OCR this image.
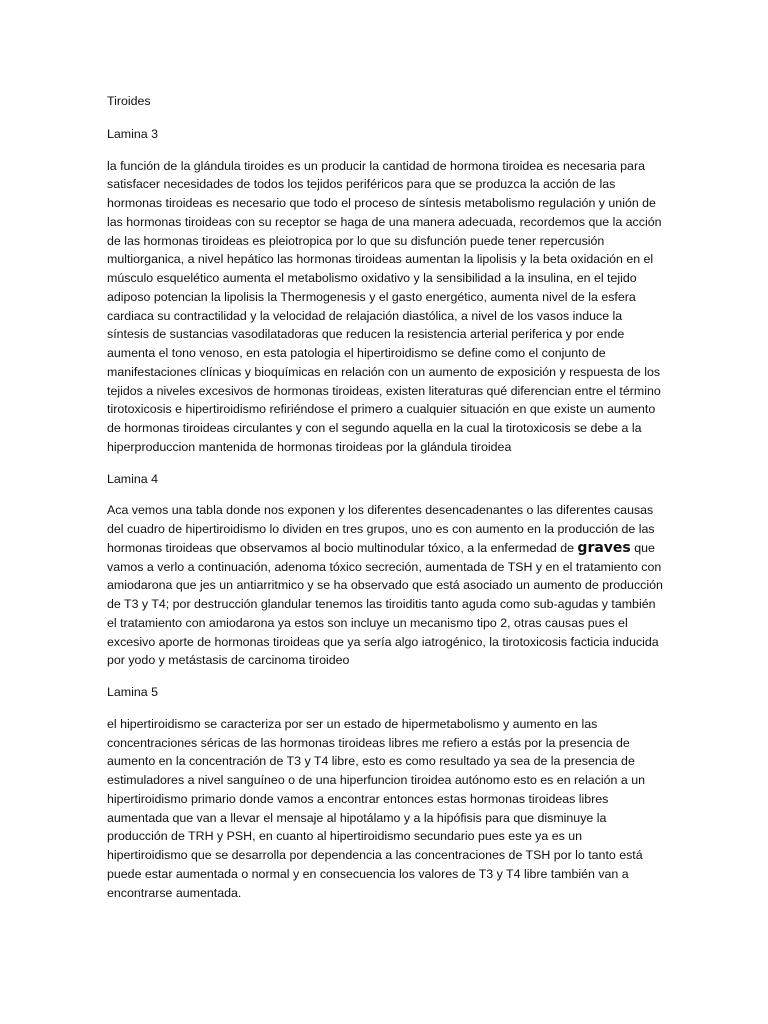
Tiroides

Lamina 3

la función de la glándula tiroides es un producir la cantidad de hormona tiroidea es necesaria para satisfacer necesidades de todos los tejidos periféricos para que se produzca la acción de las hormonas tiroideas es necesario que todo el proceso de síntesis metabolismo regulación y unión de las hormonas tiroideas con su receptor se haga de una manera adecuada, recordemos que la acción de las hormonas tiroideas es pleiotropica por lo que su disfunción puede tener repercusión multiorganica, a nivel hepático las hormonas tiroideas aumentan la lipolisis y la beta oxidación en el músculo esquelético aumenta el metabolismo oxidativo y la sensibilidad a la insulina, en el tejido adiposo potencian la lipolisis la Thermogenesis y el gasto energético, aumenta nivel de la esfera cardiaca su contractilidad y la velocidad de relajación diastólica, a nivel de los vasos induce la síntesis de sustancias vasodilatadoras que reducen la resistencia arterial periferica y por ende aumenta el tono venoso, en esta patologia el hipertiroidismo se define como el conjunto de manifestaciones clínicas y bioquímicas en relación con un aumento de exposición y respuesta de los tejidos a niveles excesivos de hormonas tiroideas, existen literaturas qué diferencian entre el término tirotoxicosis e hipertiroidismo refiriéndose el primero a cualquier situación en que existe un aumento de hormonas tiroideas circulantes y con el segundo aquella en la cual la tirotoxicosis se debe a la hiperproduccion mantenida de hormonas tiroideas por la glándula tiroidea

Lamina 4

Aca vemos una tabla donde nos exponen y los diferentes desencadenantes o las diferentes causas del cuadro de hipertiroidismo lo dividen en tres grupos, uno es con aumento en la producción de las hormonas tiroideas que observamos al bocio multinodular tóxico, a la enfermedad de graves que vamos a verlo a continuación, adenoma tóxico secreción, aumentada de TSH y en el tratamiento con amiodarona que jes un antiarritmico y se ha observado que está asociado un aumento de producción de T3 y T4; por destrucción glandular tenemos las tiroiditis tanto aguda como sub-agudas y también el tratamiento con amiodarona ya estos son incluye un mecanismo tipo 2, otras causas pues el excesivo aporte de hormonas tiroideas que ya sería algo iatrogénico, la tirotoxicosis facticia inducida por yodo y metástasis de carcinoma tiroideo

Lamina 5

el hipertiroidismo se caracteriza por ser un estado de hipermetabolismo y aumento en las concentraciones séricas de las hormonas tiroideas libres me refiero a estás por la presencia de aumento en la concentración de T3 y T4 libre, esto es como resultado ya sea de la presencia de estimuladores a nivel sanguíneo o de una hiperfuncion tiroidea autónomo esto es en relación a un hipertiroidismo primario donde vamos a encontrar entonces estas hormonas tiroideas libres aumentada que van a llevar el mensaje al hipotálamo y a la hipófisis para que disminuye la producción de TRH y PSH, en cuanto al hipertiroidismo secundario pues este ya es un hipertiroidismo que se desarrolla por dependencia a las concentraciones de TSH por lo tanto está puede estar aumentada o normal y en consecuencia los valores de T3 y T4 libre también van a encontrarse aumentada.
